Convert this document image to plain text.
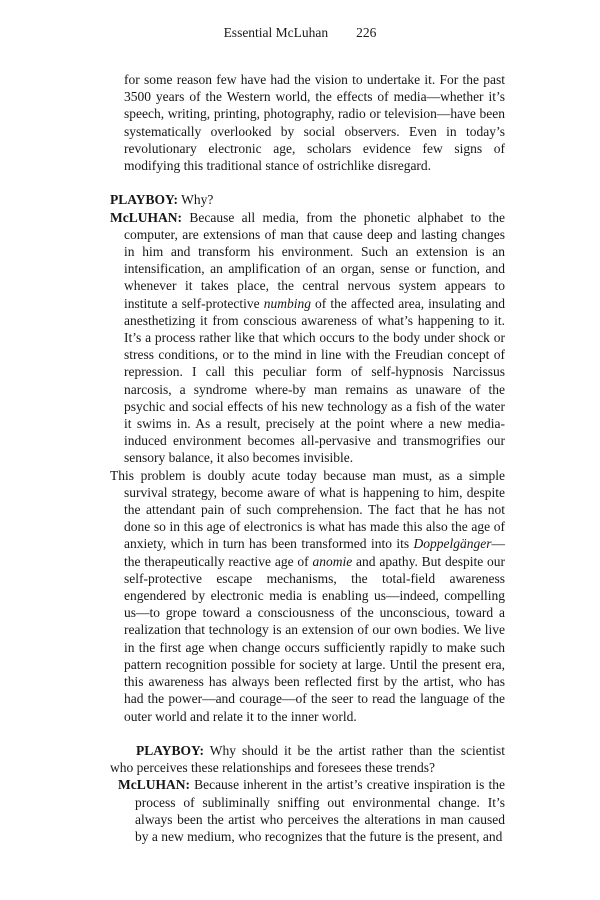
Essential McLuhan 226

for some reason few have had the vision to undertake it. For the past 3500 years of the Western world, the effects of media—whether it’s speech, writing, printing, photography, radio or television—have been systematically overlooked by social observers. Even in today’s revolutionary electronic age, scholars evidence few signs of modifying this traditional stance of ostrichlike disregard.

PLAYBOY: Why?

McLUHAN: Because all media, from the phonetic alphabet to the computer, are extensions of man that cause deep and lasting changes in him and transform his environment. Such an extension is an intensification, an amplification of an organ, sense or function, and whenever it takes place, the central nervous system appears to institute a self-protective numbing of the affected area, insulating and anesthetizing it from conscious awareness of what’s happening to it. It’s a process rather like that which occurs to the body under shock or stress conditions, or to the mind in line with the Freudian concept of repression. I call this peculiar form of self-hypnosis Narcissus narcosis, a syndrome where-by man remains as unaware of the psychic and social effects of his new technology as a fish of the water it swims in. As a result, precisely at the point where a new media-induced environment becomes all-pervasive and transmogrifies our sensory balance, it also becomes invisible.

This problem is doubly acute today because man must, as a simple survival strategy, become aware of what is happening to him, despite the attendant pain of such comprehension. The fact that he has not done so in this age of electronics is what has made this also the age of anxiety, which in turn has been transformed into its Doppelgänger—the therapeutically reactive age of anomie and apathy. But despite our self-protective escape mechanisms, the total-field awareness engendered by electronic media is enabling us—indeed, compelling us—to grope toward a consciousness of the unconscious, toward a realization that technology is an extension of our own bodies. We live in the first age when change occurs sufficiently rapidly to make such pattern recognition possible for society at large. Until the present era, this awareness has always been reflected first by the artist, who has had the power—and courage—of the seer to read the language of the outer world and relate it to the inner world.

PLAYBOY: Why should it be the artist rather than the scientist who perceives these relationships and foresees these trends?

McLUHAN: Because inherent in the artist’s creative inspiration is the process of subliminally sniffing out environmental change. It’s always been the artist who perceives the alterations in man caused by a new medium, who recognizes that the future is the present, and
